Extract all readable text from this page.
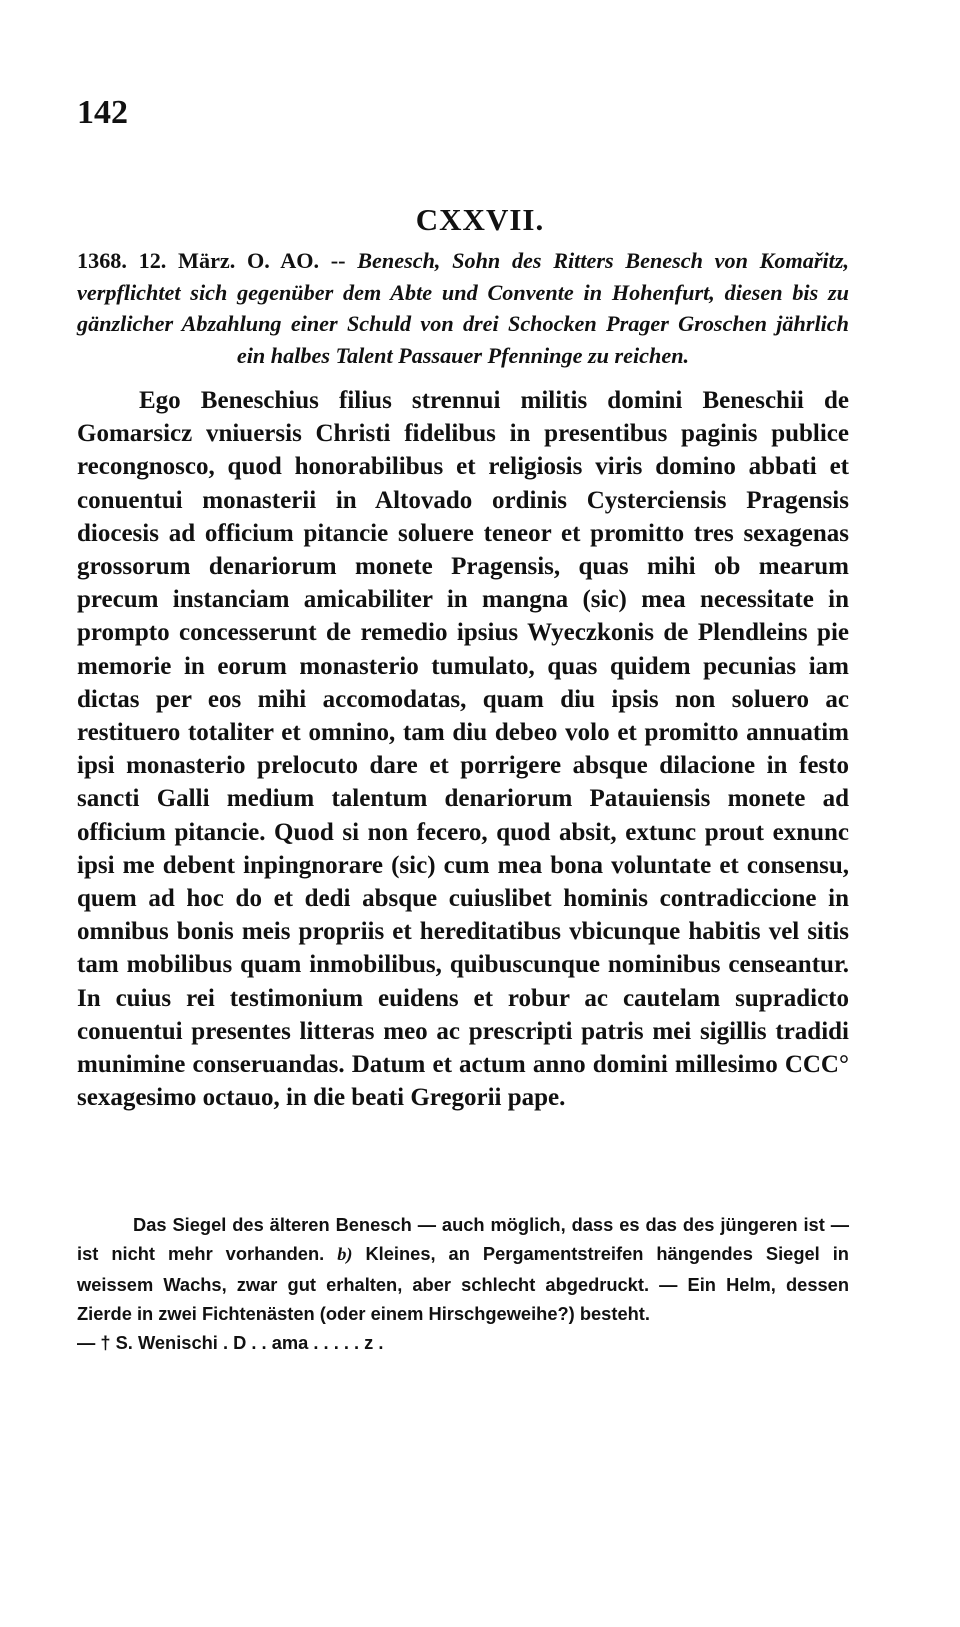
142
CXXVII.
1368. 12. März. O. AO. -- Benesch, Sohn des Ritters Benesch von Komařitz, verpflichtet sich gegenüber dem Abte und Convente in Hohenfurt, diesen bis zu gänzlicher Abzahlung einer Schuld von drei Schocken Prager Groschen jährlich ein halbes Talent Passauer Pfenninge zu reichen.
Ego Beneschius filius strennui militis domini Beneschii de Gomarsicz vniuersis Christi fidelibus in presentibus paginis publice recongnosco, quod honorabilibus et religiosis viris domino abbati et conuentui monasterii in Altovado ordinis Cysterciensis Pragensis diocesis ad officium pitancie soluere teneor et promitto tres sexagenas grossorum denariorum monete Pragensis, quas mihi ob mearum precum instanciam amicabiliter in mangna (sic) mea necessitate in prompto concesserunt de remedio ipsius Wyeczkonis de Plendleins pie memorie in eorum monasterio tumulato, quas quidem pecunias iam dictas per eos mihi accomodatas, quam diu ipsis non soluero ac restituero totaliter et omnino, tam diu debeo volo et promitto annuatim ipsi monasterio prelocuto dare et porrigere absque dilacione in festo sancti Galli medium talentum denariorum Patauiensis monete ad officium pitancie. Quod si non fecero, quod absit, extunc prout exnunc ipsi me debent inpingnorare (sic) cum mea bona voluntate et consensu, quem ad hoc do et dedi absque cuiuslibet hominis contradiccione in omnibus bonis meis propriis et hereditatibus vbicunque habitis vel sitis tam mobilibus quam inmobilibus, quibuscunque nominibus censeantur. In cuius rei testimonium euidens et robur ac cautelam supradicto conuentui presentes litteras meo ac prescripti patris mei sigillis tradidi munimine conseruandas. Datum et actum anno domini millesimo CCC° sexagesimo octauo, in die beati Gregorii pape.
Das Siegel des älteren Benesch — auch möglich, dass es das des jüngeren ist — ist nicht mehr vorhanden. b) Kleines, an Pergamentstreifen hängendes Siegel in weissem Wachs, zwar gut erhalten, aber schlecht abgedruckt. — Ein Helm, dessen Zierde in zwei Fichtenästen (oder einem Hirschgeweihe?) besteht.
— † S. Wenischi . D . . ama . . . . . z .
